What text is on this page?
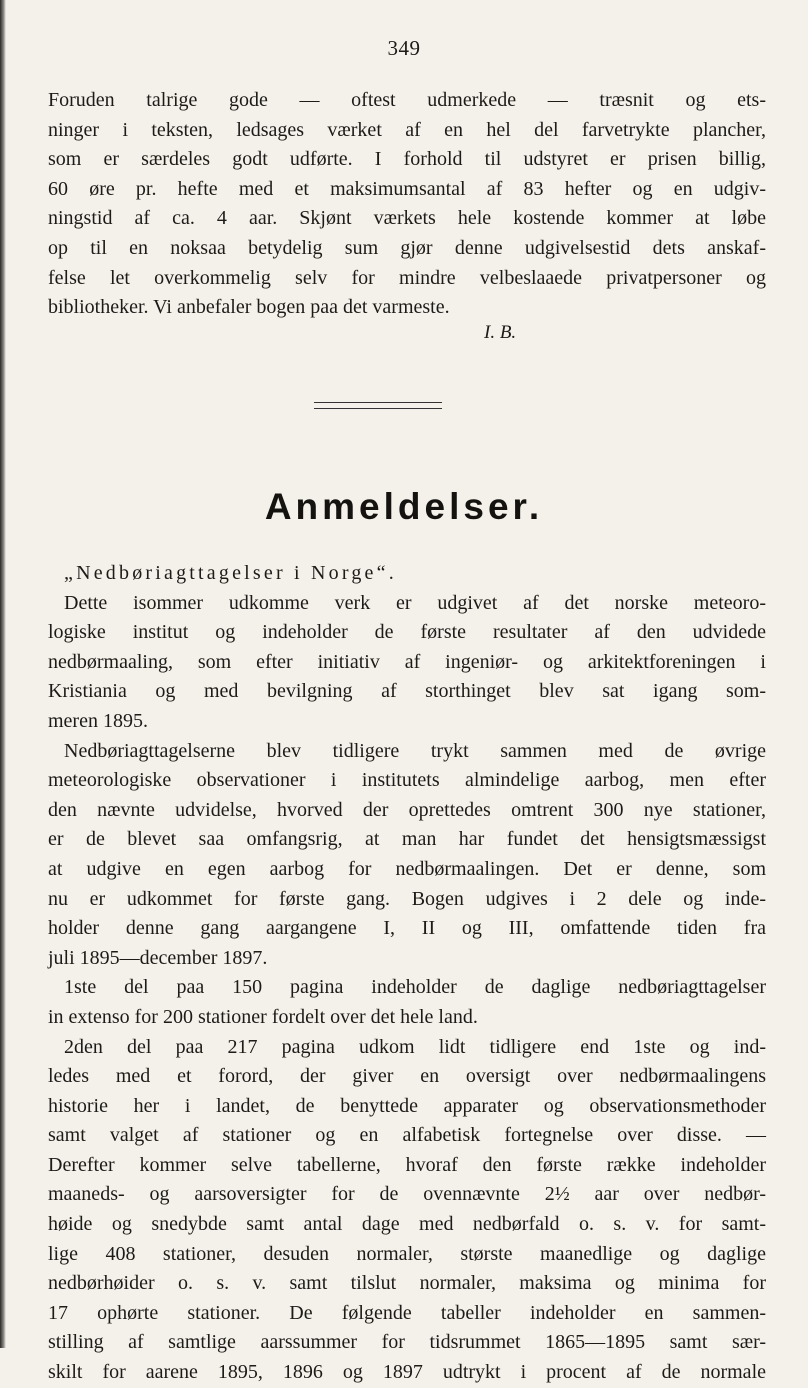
349
Foruden talrige gode — oftest udmerkede — træsnit og ets-
ninger i teksten, ledsages værket af en hel del farvetrykte plancher,
som er særdeles godt udførte. I forhold til udstyret er prisen billig,
60 øre pr. hefte med et maksimumsantal af 83 hefter og en udgiv-
ningstid af ca. 4 aar. Skjønt værkets hele kostende kommer at løbe
op til en noksaa betydelig sum gjør denne udgivelsestid dets anskaf-
felse let overkommelig selv for mindre velbeslaaede privatpersoner og
bibliotheker. Vi anbefaler bogen paa det varmeste.
I. B.
Anmeldelser.
„Nedbøriagttagelser i Norge“.
Dette isommer udkomme verk er udgivet af det norske meteoro-
logiske institut og indeholder de første resultater af den udvidede
nedbørmaaling, som efter initiativ af ingeniør- og arkitektforeningen i
Kristiania og med bevilgning af storthinget blev sat igang som-
meren 1895.
Nedbøriagttagelserne blev tidligere trykt sammen med de øvrige
meteorologiske observationer i institutets almindelige aarbog, men efter
den nævnte udvidelse, hvorved der oprettedes omtrent 300 nye stationer,
er de blevet saa omfangsrig, at man har fundet det hensigtsmæssigst
at udgive en egen aarbog for nedbørmaalingen. Det er denne, som
nu er udkommet for første gang. Bogen udgives i 2 dele og inde-
holder denne gang aargangene I, II og III, omfattende tiden fra
juli 1895—december 1897.
1ste del paa 150 pagina indeholder de daglige nedbøriagttagelser
in extenso for 200 stationer fordelt over det hele land.
2den del paa 217 pagina udkom lidt tidligere end 1ste og ind-
ledes med et forord, der giver en oversigt over nedbørmaalingens
historie her i landet, de benyttede apparater og observationsmethoder
samt valget af stationer og en alfabetisk fortegnelse over disse. —
Derefter kommer selve tabellerne, hvoraf den første række indeholder
maaneds- og aarsoversigter for de ovennævnte 2½ aar over nedbør-
høide og snedybde samt antal dage med nedbørfald o. s. v. for samt-
lige 408 stationer, desuden normaler, største maanedlige og daglige
nedbørhøider o. s. v. samt tilslut normaler, maksima og minima for
17 ophørte stationer. De følgende tabeller indeholder en sammen-
stilling af samtlige aarssummer for tidsrummet 1865—1895 samt sær-
skilt for aarene 1895, 1896 og 1897 udtrykt i procent af de normale
